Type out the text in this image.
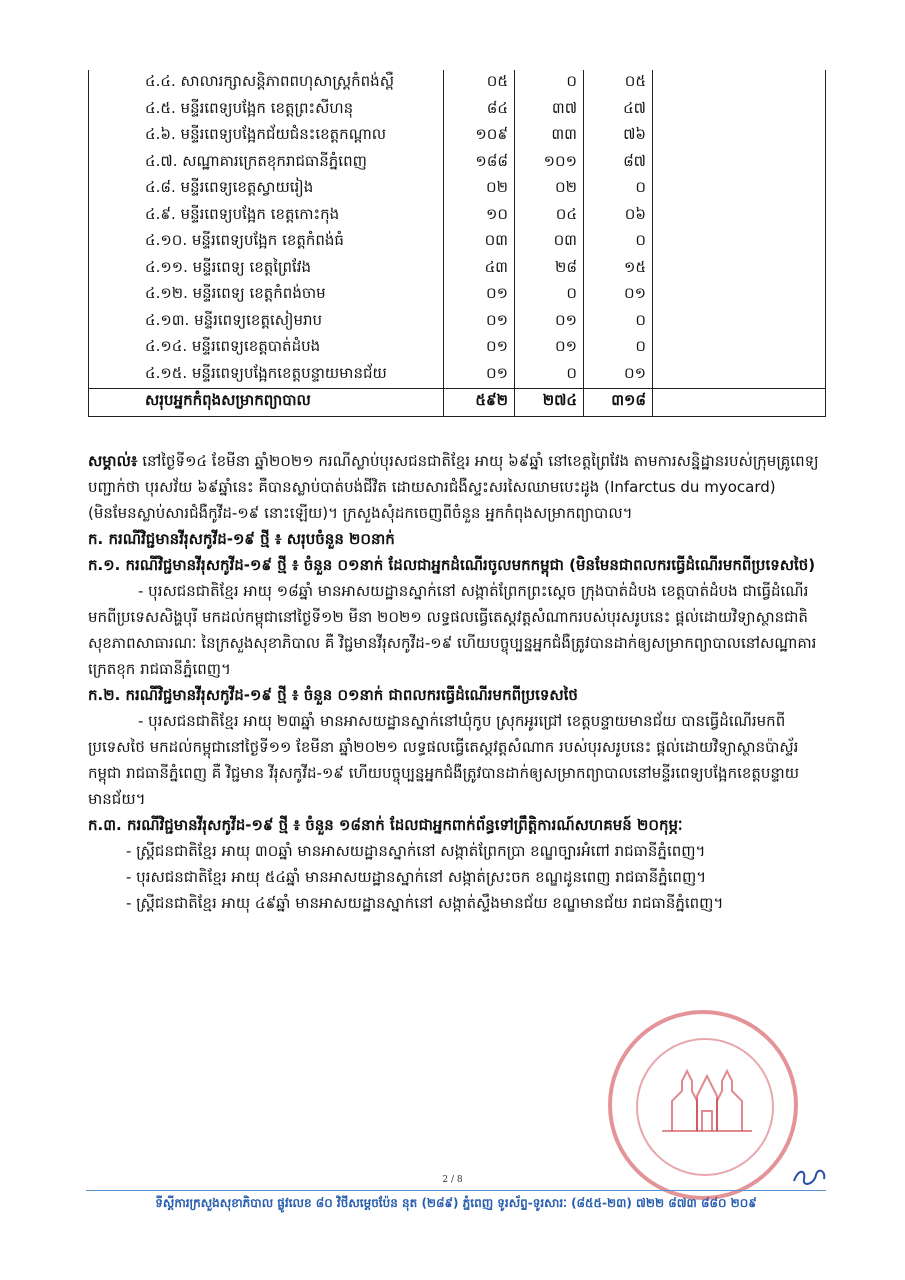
	៤.៤. សាលារក្សាសន្តិភាពពហុសាស្រ្តកំពង់ស្ពឺ	០៥	០	០៥	
	៤.៥. មន្ទីរពេទ្យបង្អែក ខេត្តព្រះសីហនុ	៨៤	៣៧	៤៧	
	៤.៦. មន្ទីរពេទ្យបង្អែកជ័យជំនះខេត្តកណ្តាល	១០៩	៣៣	៧៦	
	៤.៧. សណ្ឋាគារក្រេតខុករាជធានីភ្នំពេញ	១៨៨	១០១	៨៧	
	៤.៨. មន្ទីរពេទ្យខេត្តស្វាយរៀង	០២	០២	០	
	៤.៩. មន្ទីរពេទ្យបង្អែក ខេត្តកោះកុង	១០	០៤	០៦	
	៤.១០. មន្ទីរពេទ្យបង្អែក ខេត្តកំពង់ធំ	០៣	០៣	០	
	៤.១១. មន្ទីរពេទ្យ ខេត្តព្រៃវែង	៤៣	២៨	១៥	
	៤.១២. មន្ទីរពេទ្យ ខេត្តកំពង់ចាម	០១	០	០១	
	៤.១៣. មន្ទីរពេទ្យខេត្តសៀមរាប	០១	០១	០	
	៤.១៤. មន្ទីរពេទ្យខេត្តបាត់ដំបង	០១	០១	០	
	៤.១៥. មន្ទីរពេទ្យបង្អែកខេត្តបន្ទាយមានជ័យ	០១	០	០១	
	សរុបអ្នកកំពុងសម្រាកព្យាបាល	៥៩២	២៧៤	៣១៨	

សម្គាល់៖ នៅថ្ងៃទី១៤ ខែមីនា ឆ្នាំ២០២១ ករណីស្លាប់បុរសជនជាតិខ្មែរ អាយុ ៦៩ឆ្នាំ នៅខេត្តព្រៃវែង តាមការសន្និដ្ឋានរបស់ក្រុមគ្រូពេទ្យបញ្ជាក់ថា បុរសវ័យ ៦៩ឆ្នាំនេះ គឺបានស្លាប់បាត់បង់ជីវិត ដោយសារជំងឺស្ទះសរសៃឈាមបេះដូង (Infarctus du myocard) (មិនមែនស្លាប់សារជំងឺកូវីដ-១៩ នោះឡើយ)។ ក្រសួងសុំដកចេញពីចំនួន អ្នកកំពុងសម្រាកព្យាបាល។

ក. ករណីវិជ្ជមានវីរុសកូវីដ-១៩ ថ្មី ៖ សរុបចំនួន ២០នាក់

ក.១. ករណីវិជ្ជមានវីរុសកូវីដ-១៩ ថ្មី ៖ ចំនួន ០១នាក់ ដែលជាអ្នកដំណើរចូលមកកម្ពុជា (មិនមែនជាពលករធ្វើដំណើរមកពីប្រទេសថៃ)

- បុរសជនជាតិខ្មែរ អាយុ ១៨ឆ្នាំ មានអាសយដ្ឋានស្នាក់នៅ សង្កាត់ព្រែកព្រះស្តេច ក្រុងបាត់ដំបង ខេត្តបាត់ដំបង ជាធ្វើដំណើរមកពីប្រទេសសិង្ហបុរី មកដល់កម្ពុជានៅថ្ងៃទី១២ មីនា ២០២១ លទ្ធផលធ្វើតេស្តវត្តសំណាករបស់បុរសរូបនេះ ផ្តល់ដោយវិទ្យាស្ថានជាតិសុខភាពសាធារណៈ នៃក្រសួងសុខាភិបាល គឺ វិជ្ជមានវីរុសកូវីដ-១៩ ហើយបច្ចុប្បន្នអ្នកជំងឺត្រូវបានដាក់ឲ្យសម្រាកព្យាបាលនៅសណ្ឋាគារក្រេតខុក រាជធានីភ្នំពេញ។

ក.២. ករណីវិជ្ជមានវីរុសកូវីដ-១៩ ថ្មី ៖ ចំនួន ០១នាក់ ជាពលករធ្វើដំណើរមកពីប្រទេសថៃ

- បុរសជនជាតិខ្មែរ អាយុ ២៣ឆ្នាំ មានអាសយដ្ឋានស្នាក់នៅឃុំកូប ស្រុកអូរជ្រៅ ខេត្តបន្ទាយមានជ័យ បានធ្វើដំណើរមកពីប្រទេសថៃ មកដល់កម្ពុជានៅថ្ងៃទី១១ ខែមីនា ឆ្នាំ២០២១ លទ្ធផលធ្វើតេស្តវត្តសំណាក របស់បុរសរូបនេះ ផ្តល់ដោយវិទ្យាស្ថានប៉ាស្ទ័រកម្ពុជា រាជធានីភ្នំពេញ គឺ វិជ្ជមាន វីរុសកូវីដ-១៩ ហើយបច្ចុប្បន្នអ្នកជំងឺត្រូវបានដាក់ឲ្យសម្រាកព្យាបាលនៅមន្ទីរពេទ្យបង្អែកខេត្តបន្ទាយមានជ័យ។

ក.៣. ករណីវិជ្ជមានវីរុសកូវីដ-១៩ ថ្មី ៖ ចំនួន ១៨នាក់ ដែលជាអ្នកពាក់ព័ន្ធទៅព្រឹត្តិការណ៍សហគមន៍ ២០កុម្ភៈ

- ស្ត្រីជនជាតិខ្មែរ អាយុ ៣០ឆ្នាំ មានអាសយដ្ឋានស្នាក់នៅ សង្កាត់ព្រែកប្រា ខណ្ឌច្បារអំពៅ រាជធានីភ្នំពេញ។

- បុរសជនជាតិខ្មែរ អាយុ ៥៤ឆ្នាំ មានអាសយដ្ឋានស្នាក់នៅ សង្កាត់ស្រះចក ខណ្ឌដូនពេញ រាជធានីភ្នំពេញ។

- ស្ត្រីជនជាតិខ្មែរ អាយុ ៤៩ឆ្នាំ មានអាសយដ្ឋានស្នាក់នៅ សង្កាត់ស្ទឹងមានជ័យ ខណ្ឌមានជ័យ រាជធានីភ្នំពេញ។

2 / 8
ទីស្តីការក្រសួងសុខាភិបាល ផ្លូវលេខ ៨០ វិថីសម្តេចប៉ែន នុត (២៨៩) ភ្នំពេញ ទូរស័ព្ទ-ទូរសារៈ (៨៥៥-២៣) ៧២២ ៨៧៣ ៨៨០ ២០៩
